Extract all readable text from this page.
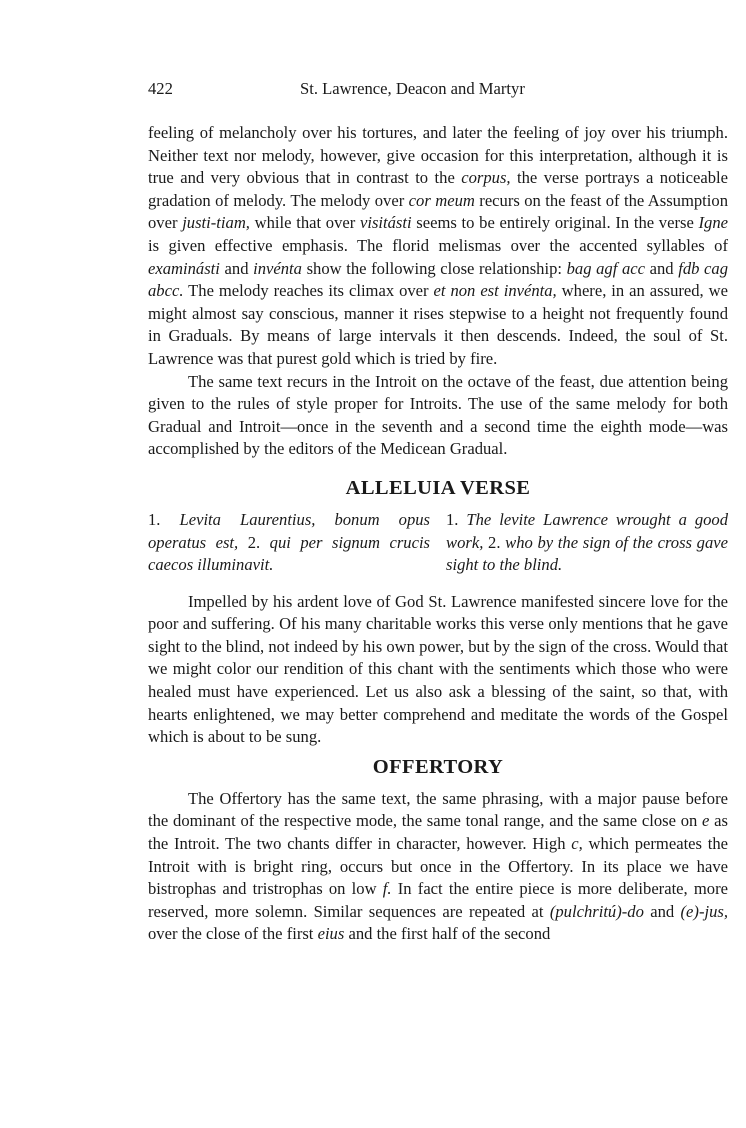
422	St. Lawrence, Deacon and Martyr

feeling of melancholy over his tortures, and later the feeling of joy over his triumph. Neither text nor melody, however, give occasion for this interpretation, although it is true and very obvious that in contrast to the corpus, the verse portrays a noticeable gradation of melody. The melody over cor meum recurs on the feast of the Assumption over justi-tiam, while that over visitásti seems to be entirely original. In the verse Igne is given effective emphasis. The florid melismas over the accented syllables of examinásti and invénta show the following close relationship: bag agf acc and fdb cag abcc. The melody reaches its climax over et non est invénta, where, in an assured, we might almost say conscious, manner it rises stepwise to a height not frequently found in Graduals. By means of large intervals it then descends. Indeed, the soul of St. Lawrence was that purest gold which is tried by fire.

The same text recurs in the Introit on the octave of the feast, due attention being given to the rules of style proper for Introits. The use of the same melody for both Gradual and Introit—once in the seventh and a second time the eighth mode—was accomplished by the editors of the Medicean Gradual.

ALLELUIA VERSE
1. Levita Laurentius, bonum opus operatus est, 2. qui per signum crucis caecos illuminavit.
1. The levite Lawrence wrought a good work, 2. who by the sign of the cross gave sight to the blind.

Impelled by his ardent love of God St. Lawrence manifested sincere love for the poor and suffering. Of his many charitable works this verse only mentions that he gave sight to the blind, not indeed by his own power, but by the sign of the cross. Would that we might color our rendition of this chant with the sentiments which those who were healed must have experienced. Let us also ask a blessing of the saint, so that, with hearts enlightened, we may better comprehend and meditate the words of the Gospel which is about to be sung.

OFFERTORY

The Offertory has the same text, the same phrasing, with a major pause before the dominant of the respective mode, the same tonal range, and the same close on e as the Introit. The two chants differ in character, however. High c, which permeates the Introit with is bright ring, occurs but once in the Offertory. In its place we have bistrophas and tristrophas on low f. In fact the entire piece is more deliberate, more reserved, more solemn. Similar sequences are repeated at (pulchritú)-do and (e)-jus, over the close of the first eius and the first half of the second
